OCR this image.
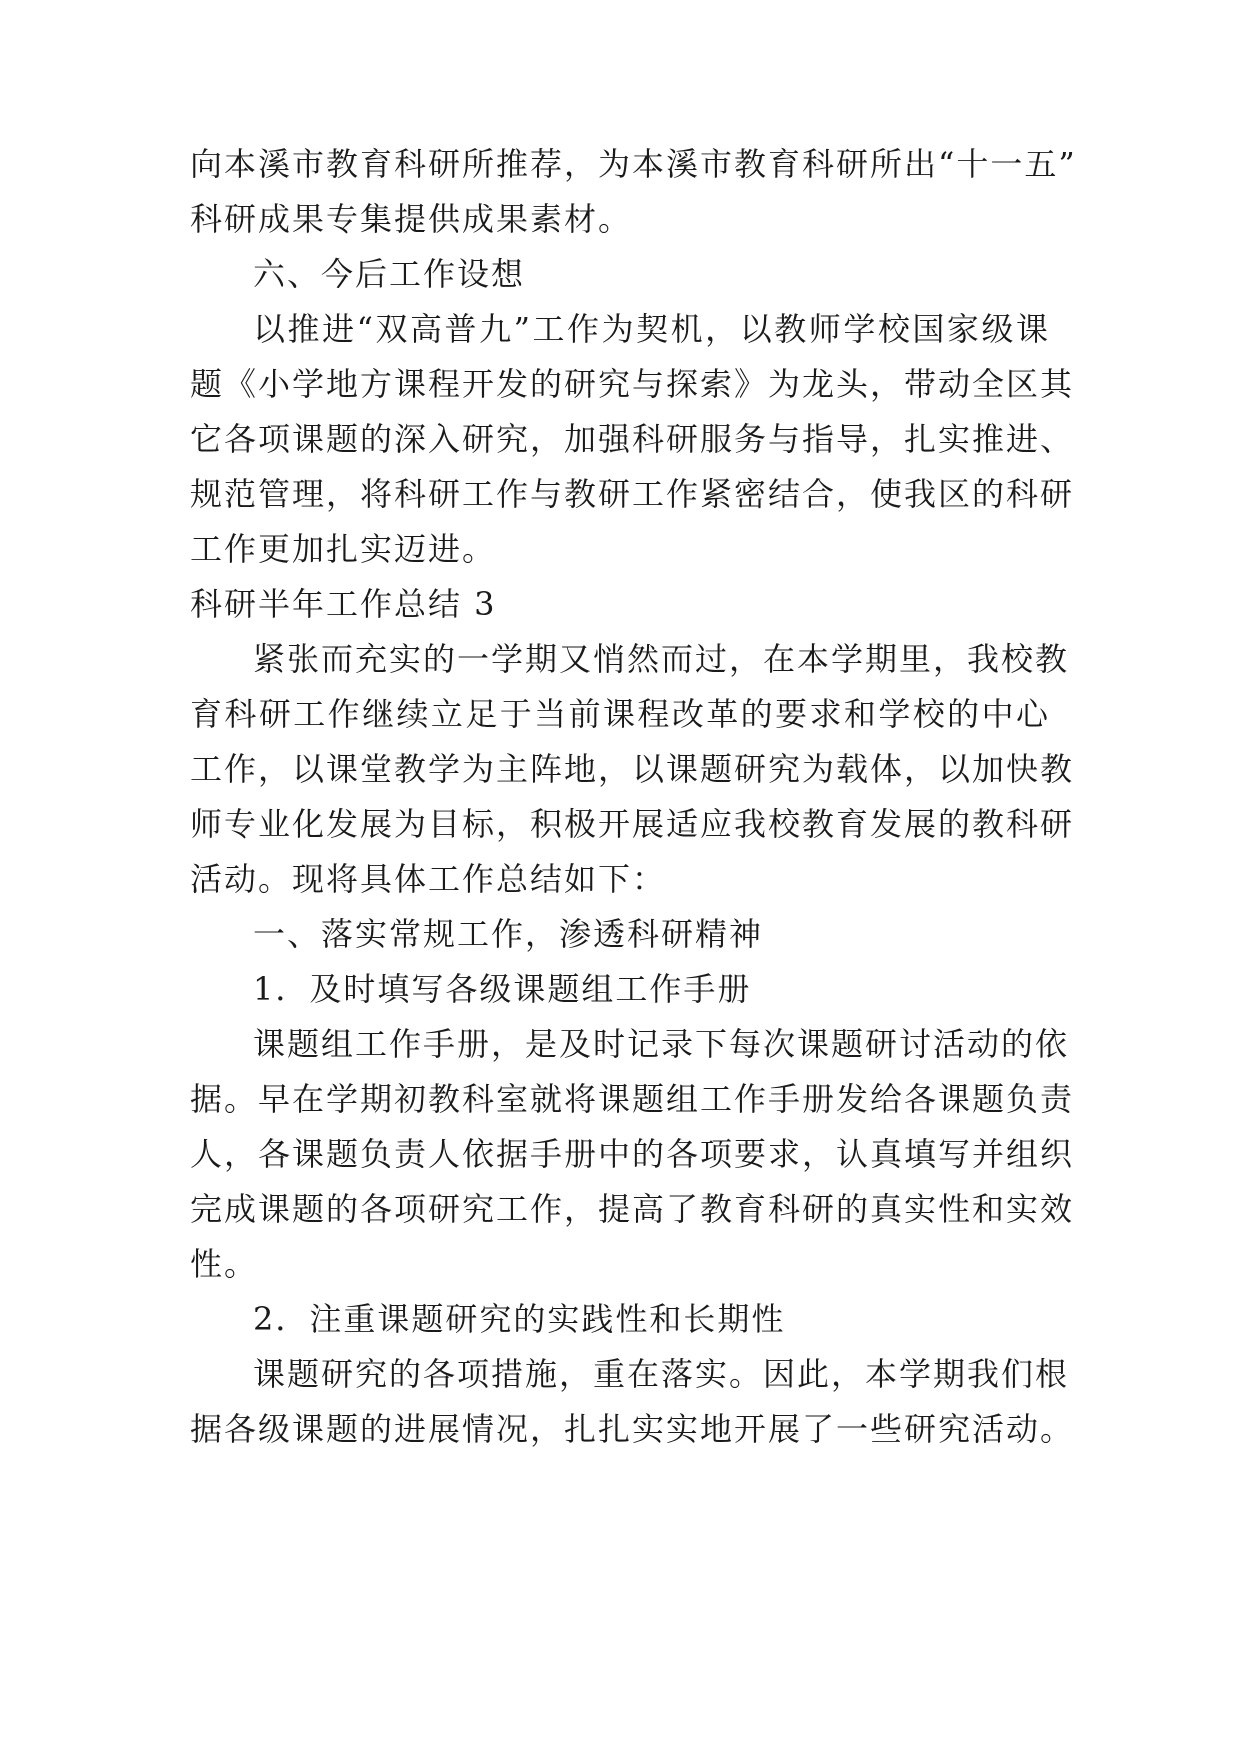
向本溪市教育科研所推荐，为本溪市教育科研所出“十一五”

科研成果专集提供成果素材。

六、今后工作设想

以推进“双高普九”工作为契机，以教师学校国家级课

题《小学地方课程开发的研究与探索》为龙头，带动全区其

它各项课题的深入研究，加强科研服务与指导，扎实推进、

规范管理，将科研工作与教研工作紧密结合，使我区的科研

工作更加扎实迈进。

科研半年工作总结 3

紧张而充实的一学期又悄然而过，在本学期里，我校教

育科研工作继续立足于当前课程改革的要求和学校的中心

工作，以课堂教学为主阵地，以课题研究为载体，以加快教

师专业化发展为目标，积极开展适应我校教育发展的教科研

活动。现将具体工作总结如下：

一、落实常规工作，渗透科研精神

1．及时填写各级课题组工作手册

课题组工作手册，是及时记录下每次课题研讨活动的依

据。早在学期初教科室就将课题组工作手册发给各课题负责

人，各课题负责人依据手册中的各项要求，认真填写并组织

完成课题的各项研究工作，提高了教育科研的真实性和实效

性。

2．注重课题研究的实践性和长期性

课题研究的各项措施，重在落实。因此，本学期我们根

据各级课题的进展情况，扎扎实实地开展了一些研究活动。
